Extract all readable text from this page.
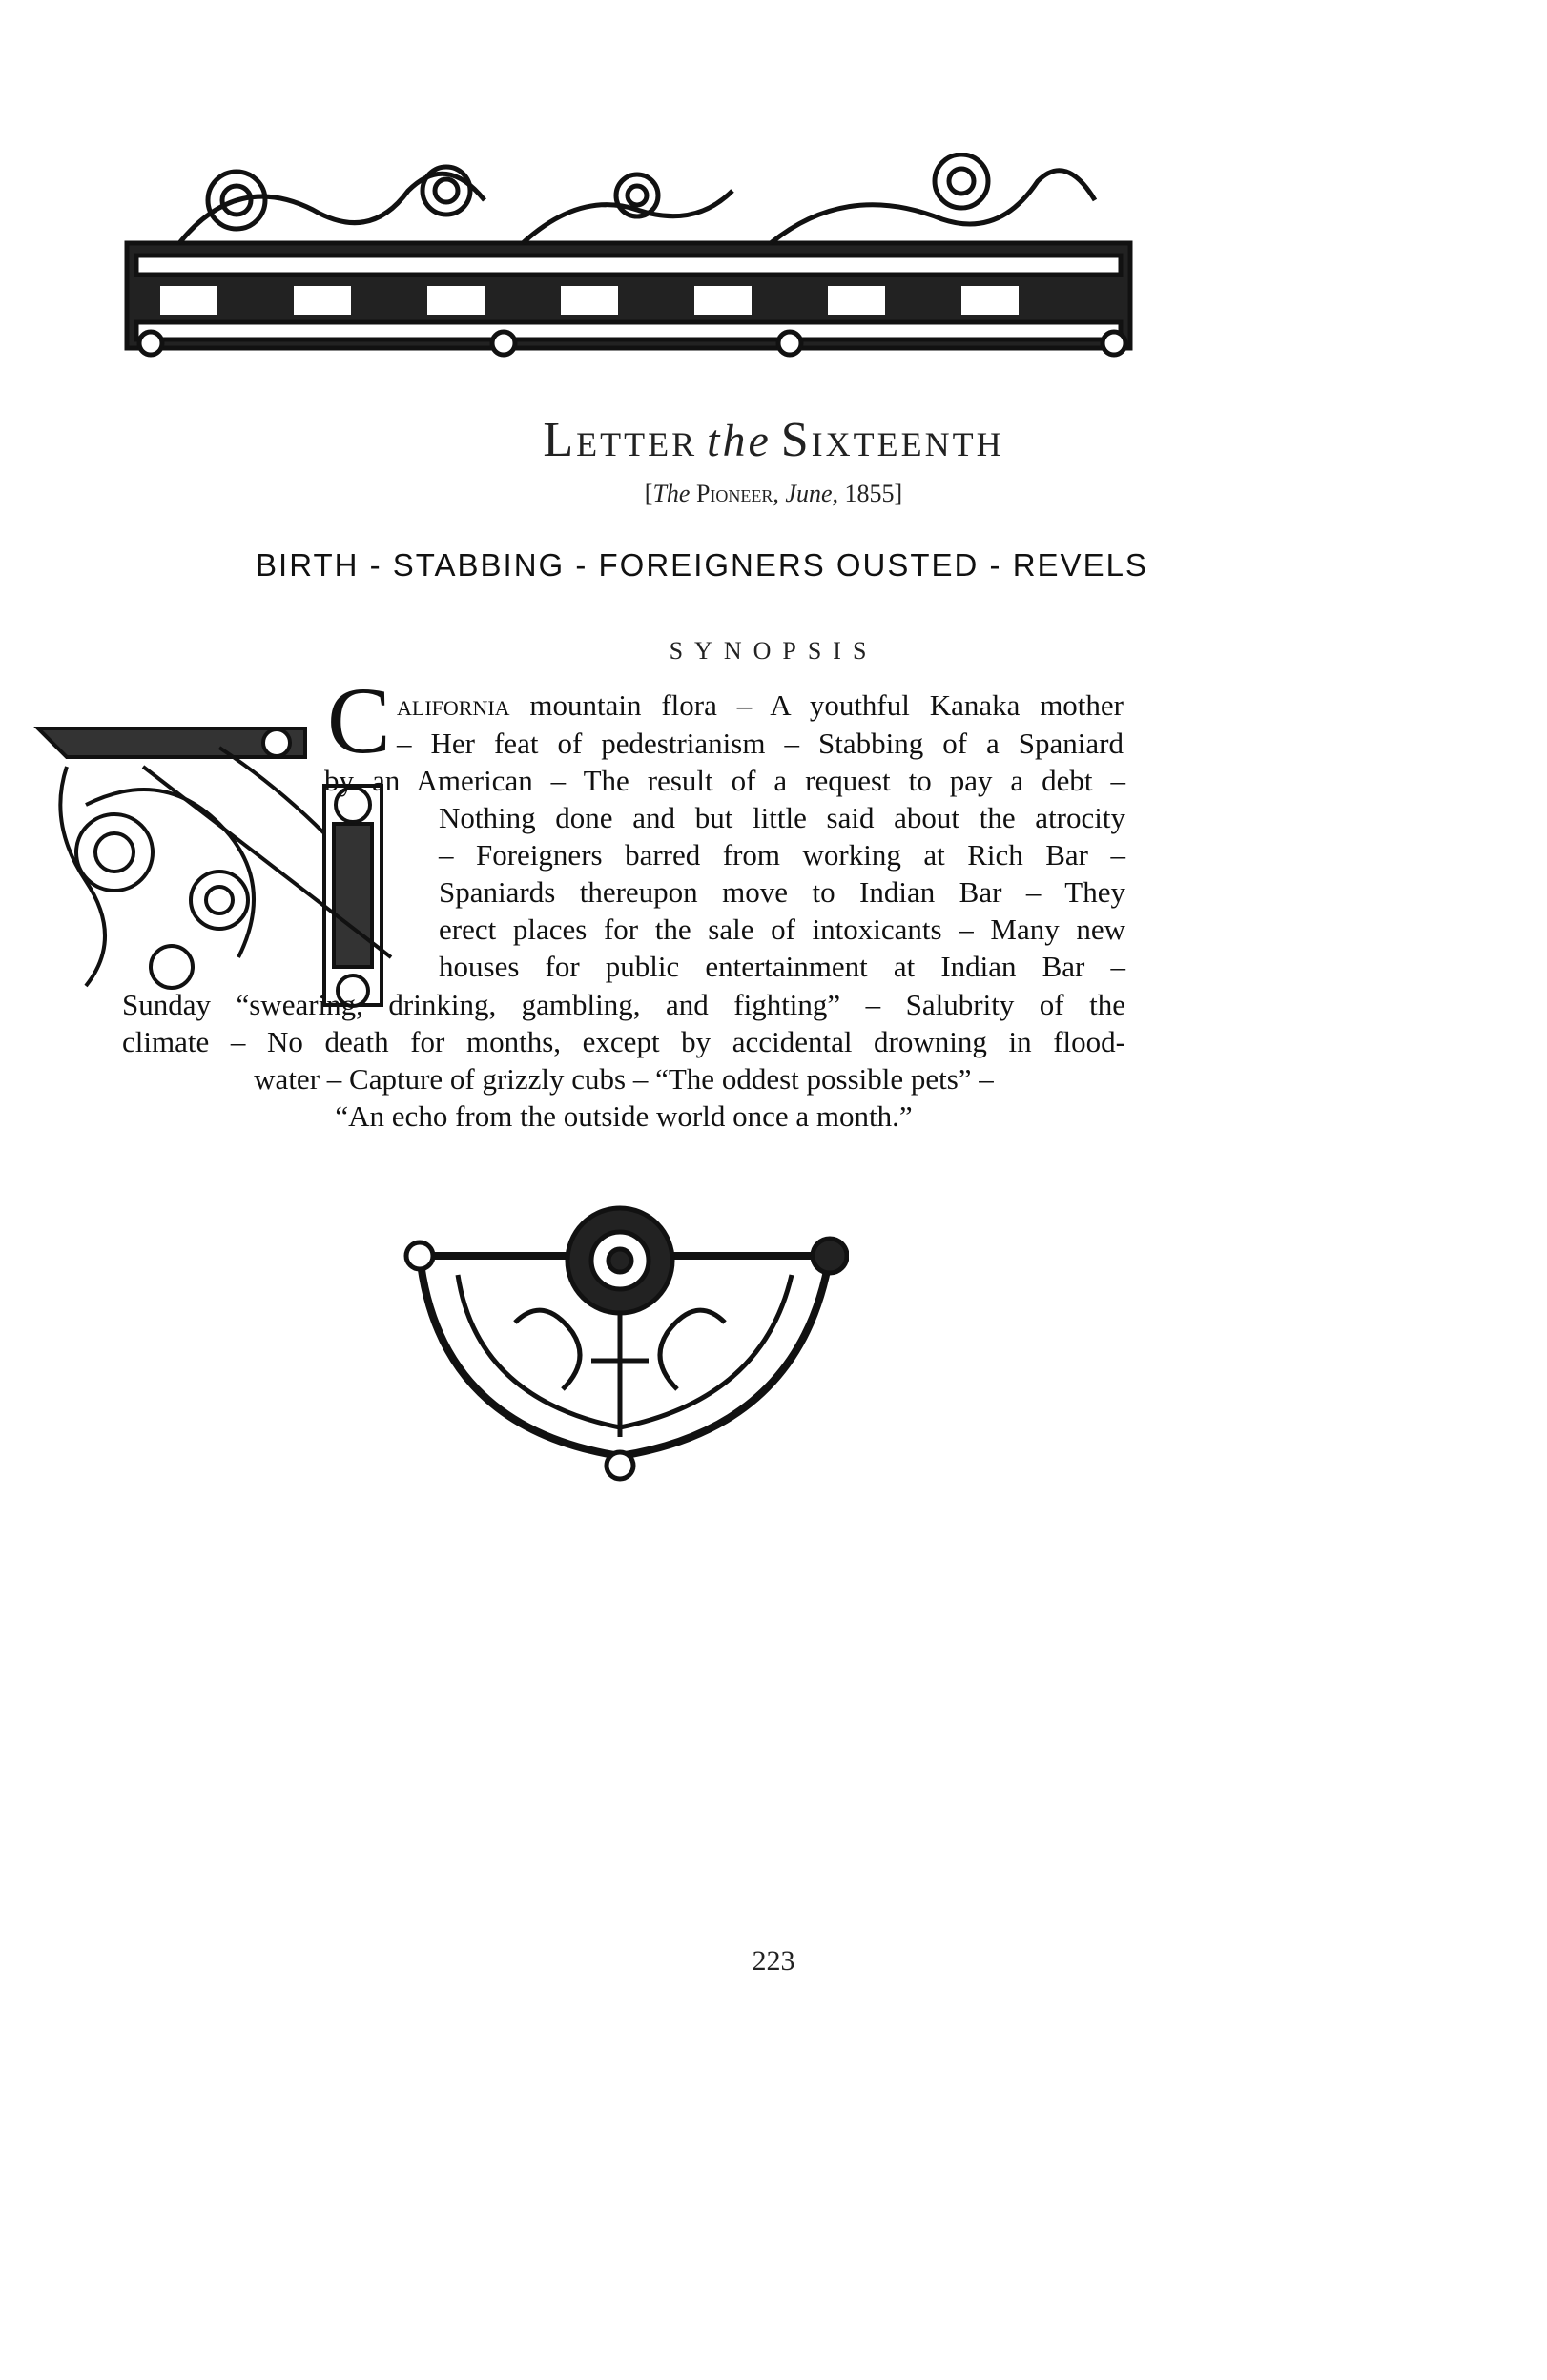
Letter the Sixteenth
[The Pioneer, June, 1855]
BIRTH - STABBING - FOREIGNERS OUSTED - REVELS
SYNOPSIS
C alifornia mountain flora – A youthful Kanaka mother
– Her feat of pedestrianism – Stabbing of a Spaniard
by an American – The result of a request to pay a debt –
Nothing done and but little said about the atrocity
– Foreigners barred from working at Rich Bar –
Spaniards thereupon move to Indian Bar – They
erect places for the sale of intoxicants – Many new
houses for public entertainment at Indian Bar –
Sunday “swearing, drinking, gambling, and fighting” – Salubrity of the
climate – No death for months, except by accidental drowning in flood-
water – Capture of grizzly cubs – “The oddest possible pets” –
“An echo from the outside world once a month.”
223
